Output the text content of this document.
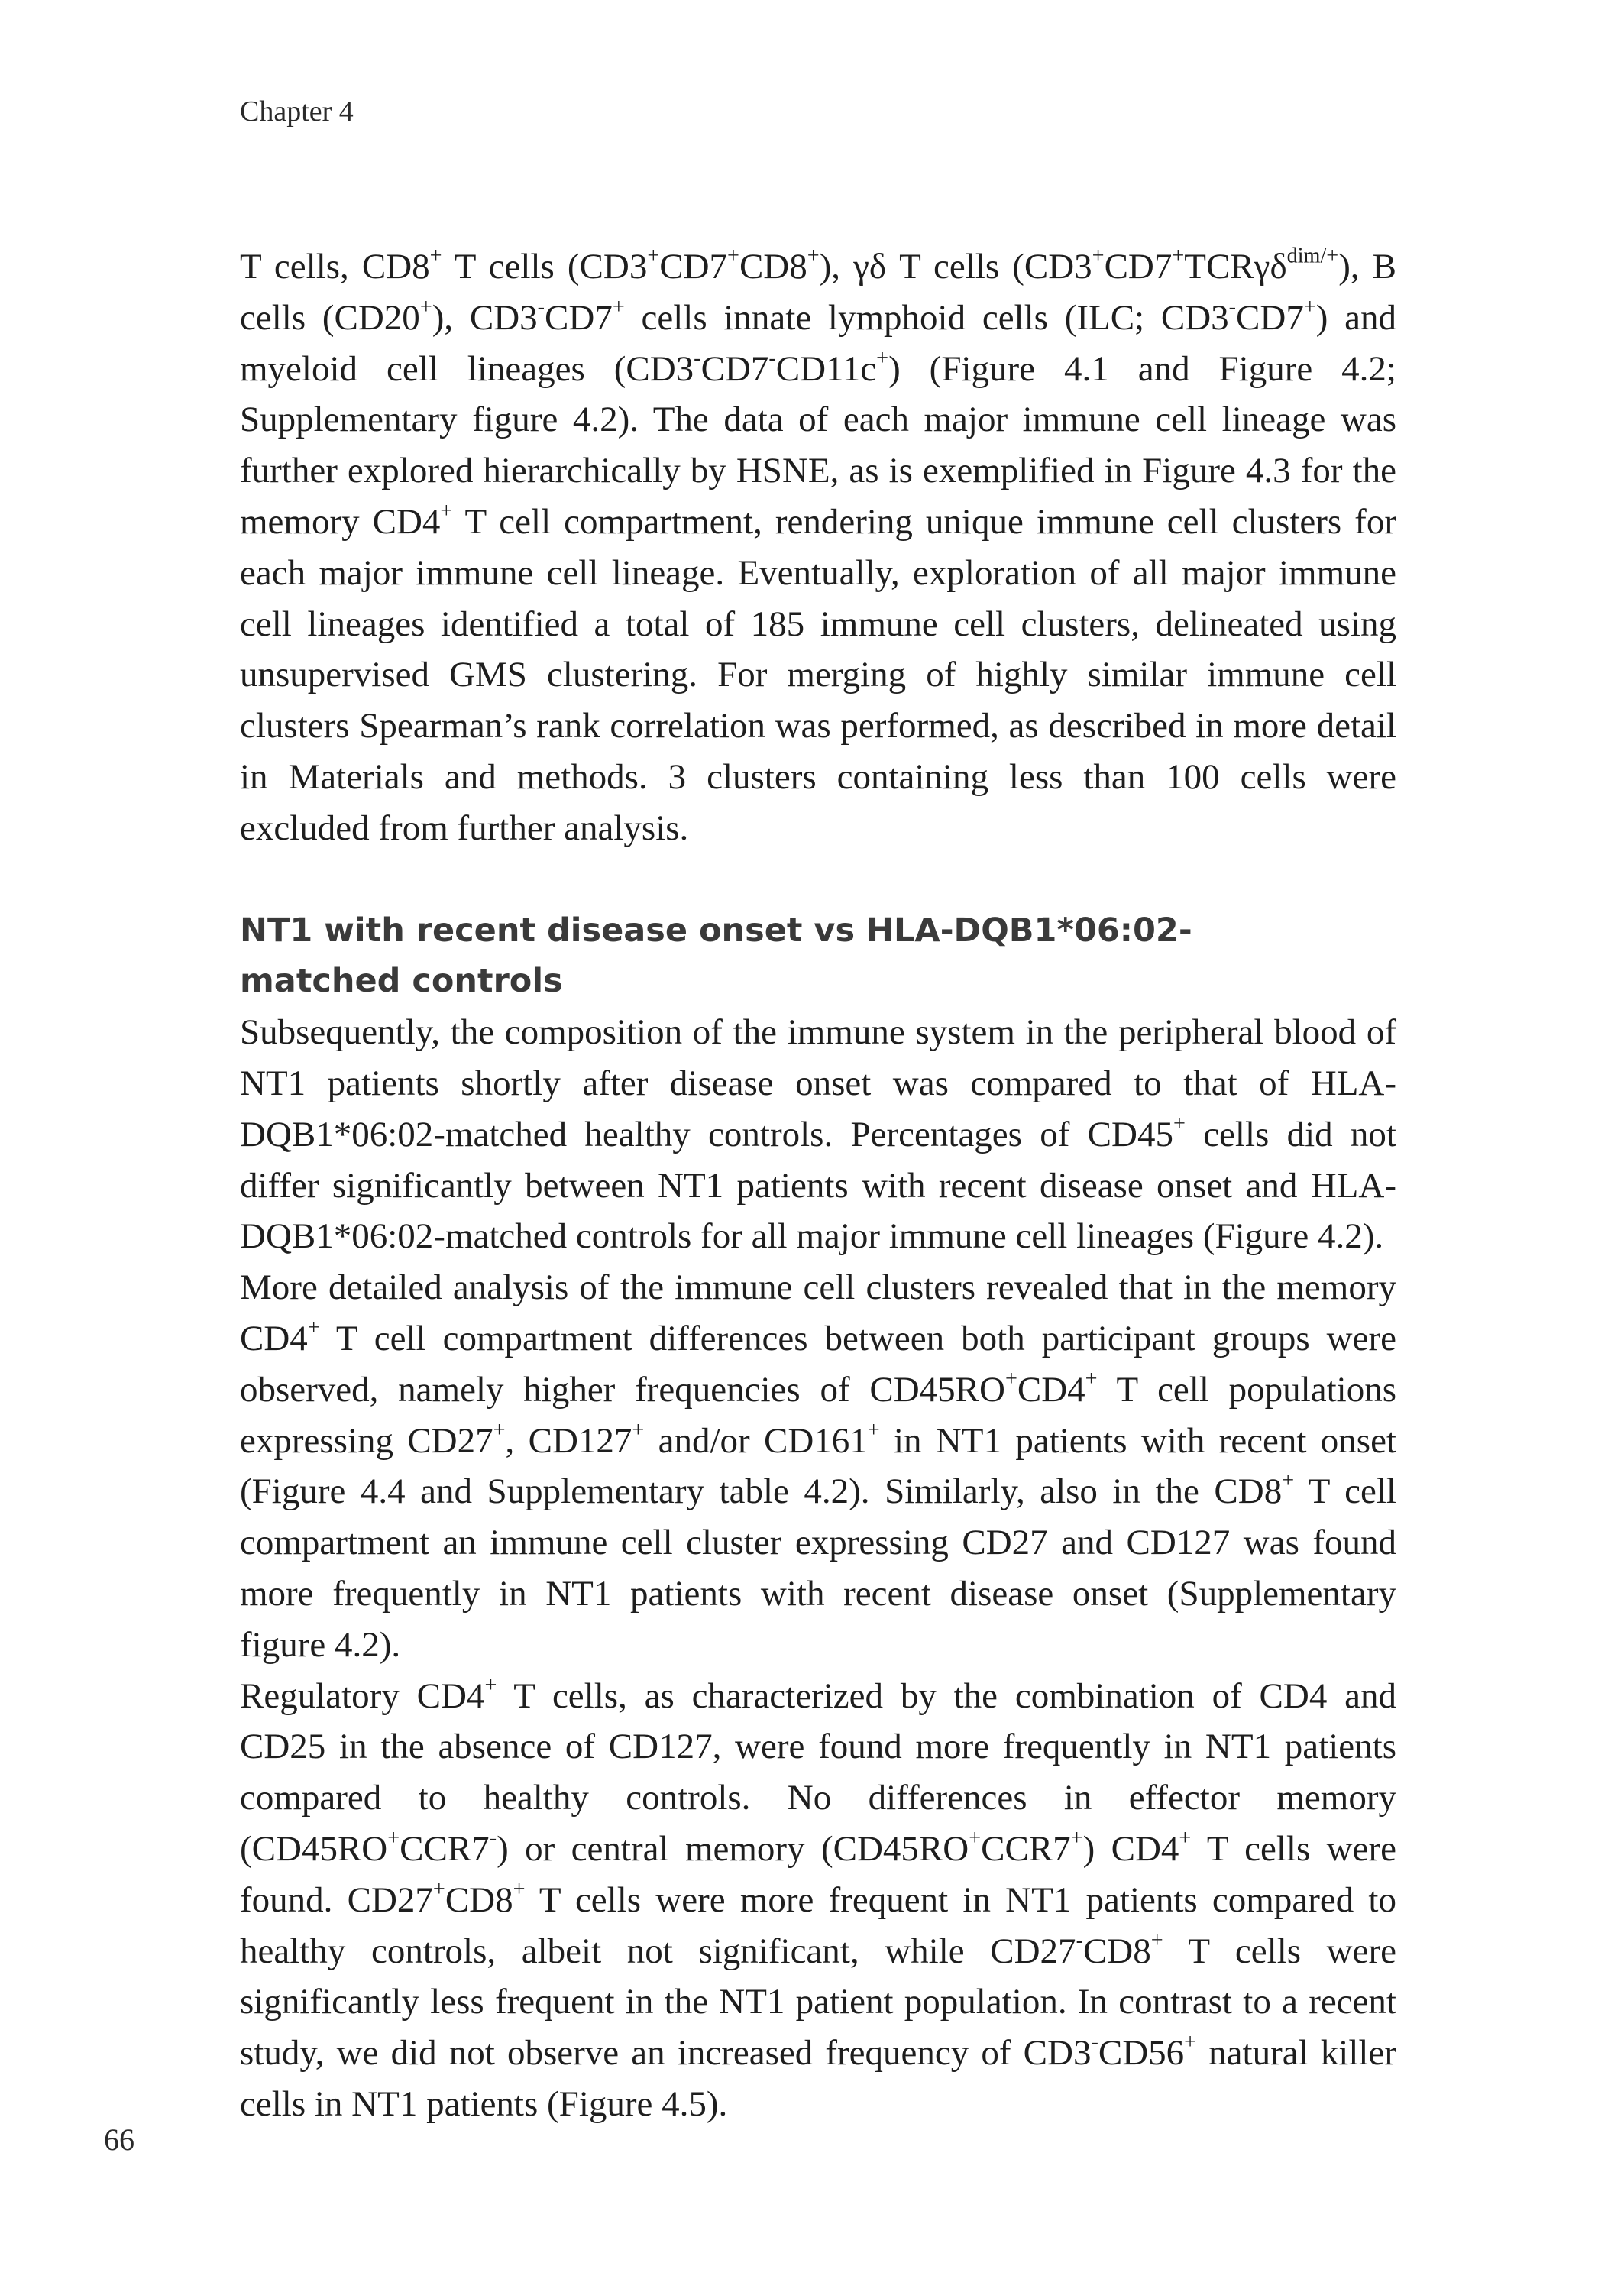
Chapter 4

T cells, CD8+ T cells (CD3+CD7+CD8+), γδ T cells (CD3+CD7+TCRγδ$^{dim/+}$), B cells (CD20+), CD3-CD7+ cells innate lymphoid cells (ILC; CD3-CD7+) and myeloid cell lineages (CD3-CD7-CD11c+) (Figure 4.1 and Figure 4.2; Supplementary figure 4.2). The data of each major immune cell lineage was further explored hierarchically by HSNE, as is exemplified in Figure 4.3 for the memory CD4+ T cell compartment, rendering unique immune cell clusters for each major immune cell lineage. Eventually, exploration of all major immune cell lineages identified a total of 185 immune cell clusters, delineated using unsupervised GMS clustering. For merging of highly similar immune cell clusters Spearman’s rank correlation was performed, as described in more detail in Materials and methods. 3 clusters containing less than 100 cells were excluded from further analysis.

NT1 with recent disease onset vs HLA-DQB1*06:02-matched controls

Subsequently, the composition of the immune system in the peripheral blood of NT1 patients shortly after disease onset was compared to that of HLA-DQB1*06:02-matched healthy controls. Percentages of CD45+ cells did not differ significantly between NT1 patients with recent disease onset and HLA-DQB1*06:02-matched controls for all major immune cell lineages (Figure 4.2).

More detailed analysis of the immune cell clusters revealed that in the memory CD4+ T cell compartment differences between both participant groups were observed, namely higher frequencies of CD45RO+CD4+ T cell populations expressing CD27+, CD127+ and/or CD161+ in NT1 patients with recent onset (Figure 4.4 and Supplementary table 4.2). Similarly, also in the CD8+ T cell compartment an immune cell cluster expressing CD27 and CD127 was found more frequently in NT1 patients with recent disease onset (Supplementary figure 4.2).

Regulatory CD4+ T cells, as characterized by the combination of CD4 and CD25 in the absence of CD127, were found more frequently in NT1 patients compared to healthy controls. No differences in effector memory (CD45RO+CCR7-) or central memory (CD45RO+CCR7+) CD4+ T cells were found. CD27+CD8+ T cells were more frequent in NT1 patients compared to healthy controls, albeit not significant, while CD27-CD8+ T cells were significantly less frequent in the NT1 patient population. In contrast to a recent study, we did not observe an increased frequency of CD3-CD56+ natural killer cells in NT1 patients (Figure 4.5).

66
